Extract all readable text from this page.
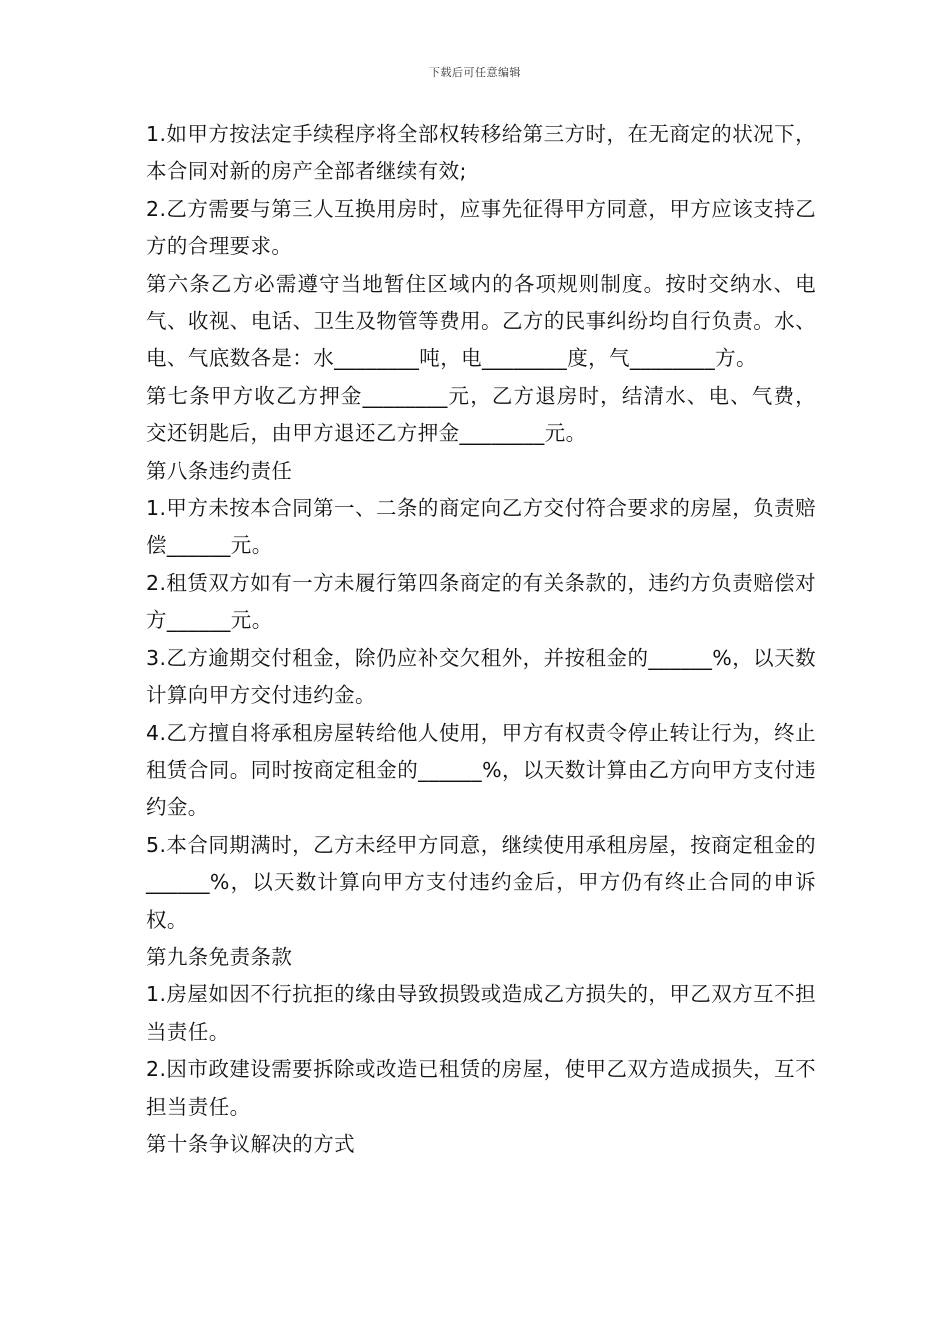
下载后可任意编辑

1.如甲方按法定手续程序将全部权转移给第三方时，在无商定的状况下，本合同对新的房产全部者继续有效;

2.乙方需要与第三人互换用房时，应事先征得甲方同意，甲方应该支持乙方的合理要求。

第六条乙方必需遵守当地暂住区域内的各项规则制度。按时交纳水、电气、收视、电话、卫生及物管等费用。乙方的民事纠纷均自行负责。水、电、气底数各是：水________吨，电________度，气________方。

第七条甲方收乙方押金________元，乙方退房时，结清水、电、气费，交还钥匙后，由甲方退还乙方押金________元。

第八条违约责任

1.甲方未按本合同第一、二条的商定向乙方交付符合要求的房屋，负责赔偿______元。

2.租赁双方如有一方未履行第四条商定的有关条款的，违约方负责赔偿对方______元。

3.乙方逾期交付租金，除仍应补交欠租外，并按租金的______%，以天数计算向甲方交付违约金。

4.乙方擅自将承租房屋转给他人使用，甲方有权责令停止转让行为，终止租赁合同。同时按商定租金的______%，以天数计算由乙方向甲方支付违约金。

5.本合同期满时，乙方未经甲方同意，继续使用承租房屋，按商定租金的______%，以天数计算向甲方支付违约金后，甲方仍有终止合同的申诉权。

第九条免责条款

1.房屋如因不行抗拒的缘由导致损毁或造成乙方损失的，甲乙双方互不担当责任。

2.因市政建设需要拆除或改造已租赁的房屋，使甲乙双方造成损失，互不担当责任。

第十条争议解决的方式
